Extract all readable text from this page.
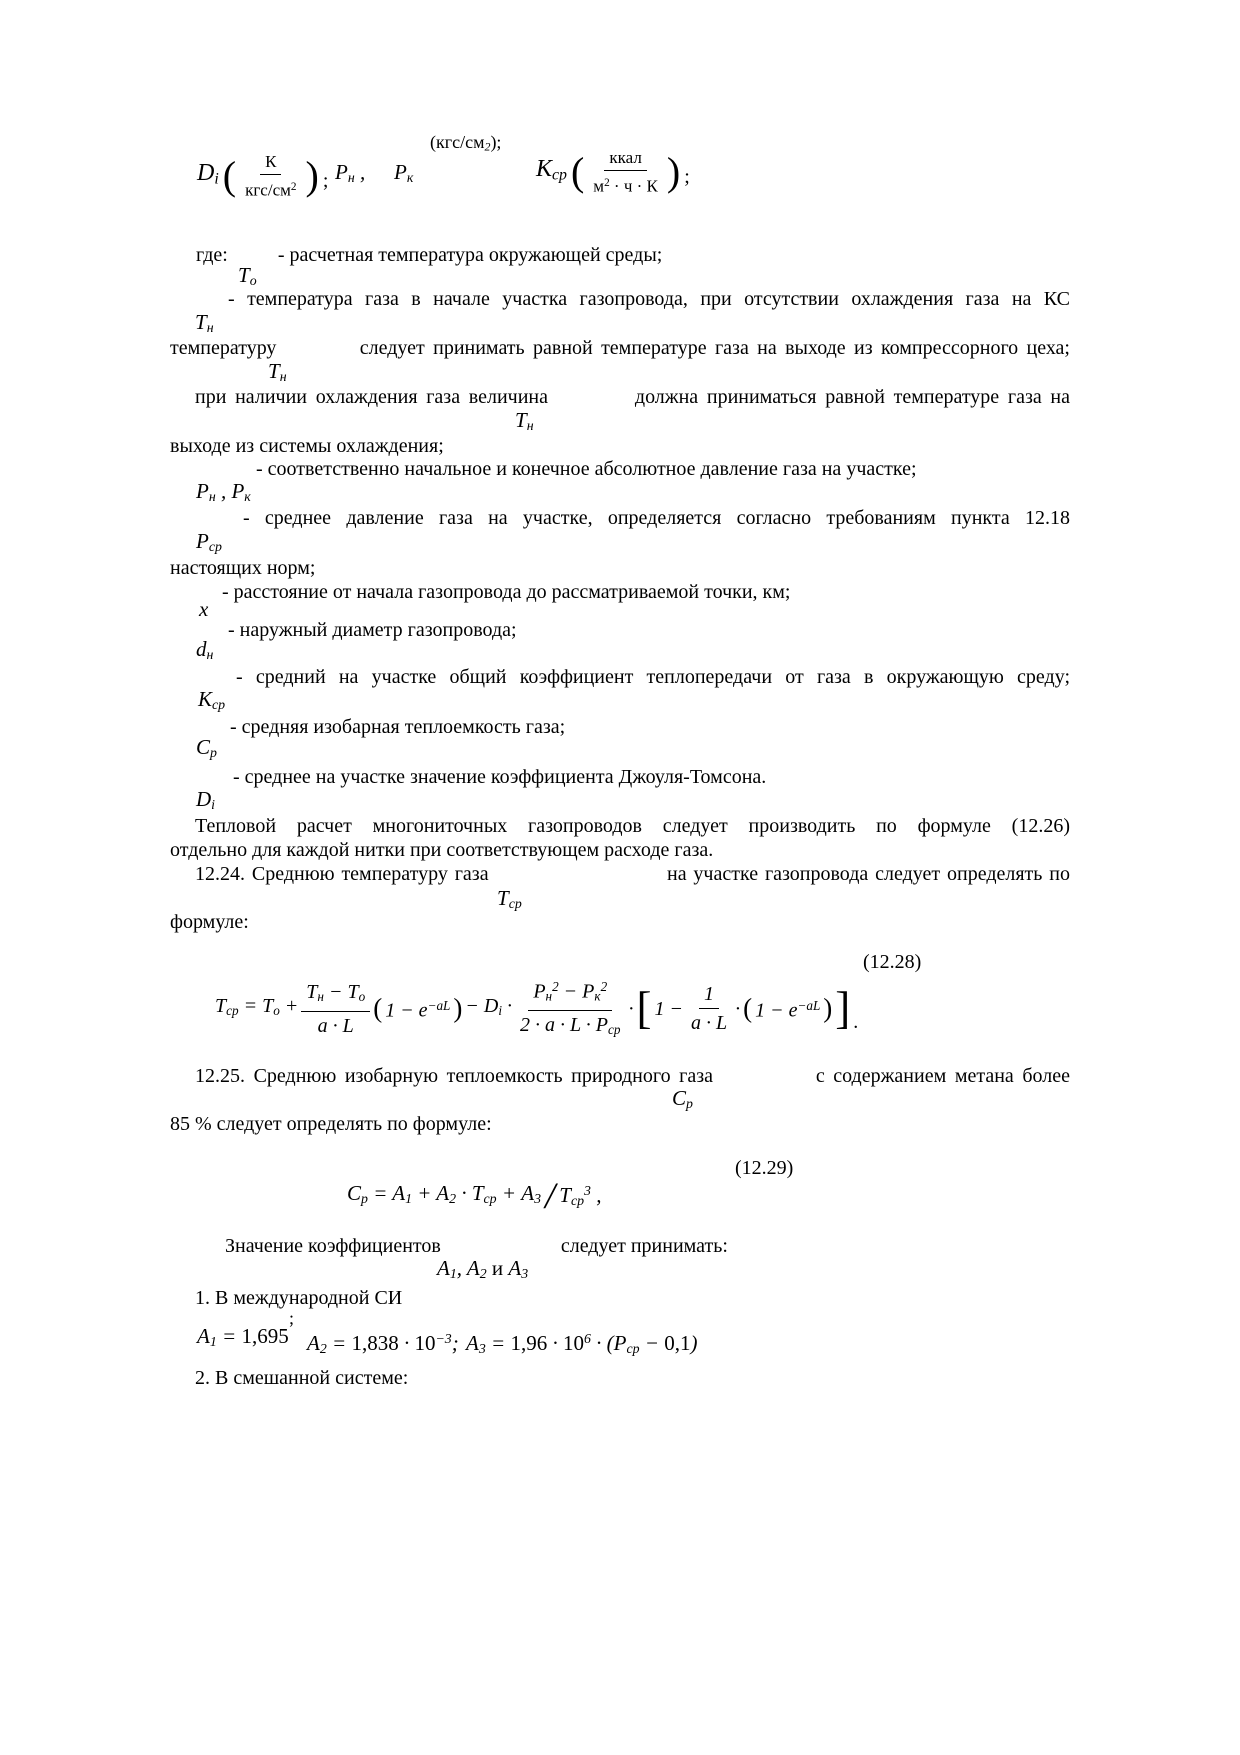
$D_i$ ( $\frac{К}{кгс/см^2}$ ) ; $P_н$ , $P_к$
$(кгс/см_2)$;
$K_{ср}$ ( $\frac{\text{ккал}}{м^2 \cdot ч \cdot К}$ ) ;
где:          - расчетная температура окружающей среды;
$T_о$
- температура газа в начале участка газопровода, при отсутствии охлаждения газа на КС
$T_н$
температуру          следует принимать равной температуре газа на выходе из компрессорного цеха;
$T_н$
при наличии охлаждения газа величина          должна приниматься равной температуре газа на
$T_н$
выходе из системы охлаждения;
- соответственно начальное и конечное абсолютное давление газа на участке;
$P_н$ , $P_к$
- среднее давление газа на участке, определяется согласно требованиям пункта 12.18
$P_{ср}$
настоящих норм;
- расстояние от начала газопровода до рассматриваемой точки, км;
x
- наружный диаметр газопровода;
$d_н$
- средний на участке общий коэффициент теплопередачи от газа в окружающую среду;
$K_{ср}$
- средняя изобарная теплоемкость газа;
$C_p$
- среднее на участке значение коэффициента Джоуля-Томсона.
$D_i$
Тепловой расчет многониточных газопроводов следует производить по формуле (12.26)
отдельно для каждой нитки при соответствующем расходе газа.
12.24. Среднюю температуру газа                          на участке газопровода следует определять по
$T_{ср}$
формуле:
(12.28)
$T_{ср} = T_о + \frac{T_н - T_о}{a \cdot L}$ ( $1 - e^{-aL}$ ) − $D_i \cdot \frac{P_н^2 - P_к^2}{2 \cdot a \cdot L \cdot P_{ср}}$ · [ $1 - \frac{1}{a \cdot L}$ · ( $1 - e^{-aL}$ ) ] .
12.25. Среднюю изобарную теплоемкость природного газа            с содержанием метана более
$C_p$
85 % следует определять по формуле:
(12.29)
$C_p = A_1 + A_2 \cdot T_{ср} + A_3 / T_{ср}^3$ ,
Значение коэффициентов                        следует принимать:
$A_1$, $A_2$ и $A_3$
1. В международной СИ
$A_1 = 1,695$
;
$A_2 = 1,838 \cdot 10^{-3}$; $A_3 = 1,96 \cdot 10^6 \cdot (P_{ср} - 0,1)$
2. В смешанной системе:
